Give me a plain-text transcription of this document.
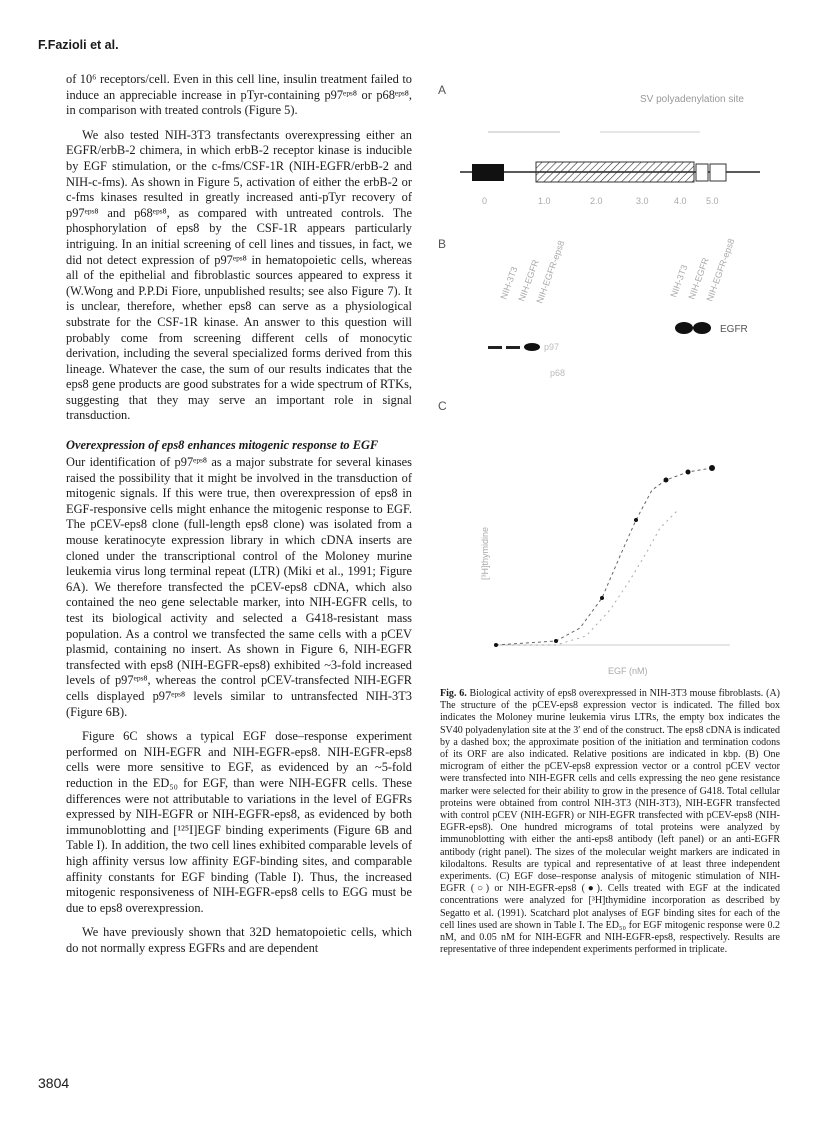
F.Fazioli et al.

of 10⁶ receptors/cell. Even in this cell line, insulin treatment failed to induce an appreciable increase in pTyr-containing p97ᵉᵖˢ⁸ or p68ᵉᵖˢ⁸, in comparison with treated controls (Figure 5).

We also tested NIH-3T3 transfectants overexpressing either an EGFR/erbB-2 chimera, in which erbB-2 receptor kinase is inducible by EGF stimulation, or the c-fms/CSF-1R (NIH-EGFR/erbB-2 and NIH-c-fms). As shown in Figure 5, activation of either the erbB-2 or c-fms kinases resulted in greatly increased anti-pTyr recovery of p97ᵉᵖˢ⁸ and p68ᵉᵖˢ⁸, as compared with untreated controls. The phosphorylation of eps8 by the CSF-1R appears particularly intriguing. In an initial screening of cell lines and tissues, in fact, we did not detect expression of p97ᵉᵖˢ⁸ in hematopoietic cells, whereas all of the epithelial and fibroblastic sources appeared to express it (W.Wong and P.P.Di Fiore, unpublished results; see also Figure 7). It is unclear, therefore, whether eps8 can serve as a physiological substrate for the CSF-1R kinase. An answer to this question will probably come from screening different cells of monocytic derivation, including the several specialized forms derived from this lineage. Whatever the case, the sum of our results indicates that the eps8 gene products are good substrates for a wide spectrum of RTKs, suggesting that they may serve an important role in signal transduction.

Overexpression of eps8 enhances mitogenic response to EGF

Our identification of p97ᵉᵖˢ⁸ as a major substrate for several kinases raised the possibility that it might be involved in the transduction of mitogenic signals. If this were true, then overexpression of eps8 in EGF-responsive cells might enhance the mitogenic response to EGF. The pCEV-eps8 clone (full-length eps8 clone) was isolated from a mouse keratinocyte expression library in which cDNA inserts are cloned under the transcriptional control of the Moloney murine leukemia virus long terminal repeat (LTR) (Miki et al., 1991; Figure 6A). We therefore transfected the pCEV-eps8 cDNA, which also contained the neo gene selectable marker, into NIH-EGFR cells, to test its biological activity and selected a G418-resistant mass population. As a control we transfected the same cells with a pCEV plasmid, containing no insert. As shown in Figure 6, NIH-EGFR transfected with eps8 (NIH-EGFR-eps8) exhibited ~3-fold increased levels of p97ᵉᵖˢ⁸, whereas the control pCEV-transfected NIH-EGFR cells displayed p97ᵉᵖˢ⁸ levels similar to untransfected NIH-3T3 (Figure 6B).

Figure 6C shows a typical EGF dose–response experiment performed on NIH-EGFR and NIH-EGFR-eps8. NIH-EGFR-eps8 cells were more sensitive to EGF, as evidenced by an ~5-fold reduction in the ED₅₀ for EGF, than were NIH-EGFR cells. These differences were not attributable to variations in the level of EGFRs expressed by NIH-EGFR or NIH-EGFR-eps8, as evidenced by both immunoblotting and [¹²⁵I]EGF binding experiments (Figure 6B and Table I). In addition, the two cell lines exhibited comparable levels of high affinity versus low affinity EGF-binding sites, and comparable affinity constants for EGF binding (Table I). Thus, the increased mitogenic responsiveness of NIH-EGFR-eps8 cells to EGG must be due to eps8 overexpression.

We have previously shown that 32D hematopoietic cells, which do not normally express EGFRs and are dependent

A
SV polyadenylation site
0	1.0	2.0	3.0	4.0 5.0
B
NIH-3T3
NIH-EGFR
NIH-EGFR-eps8	NIH-3T3
NIH-EGFR
NIH-EGFR-eps8
EGFR
p97
p68
C
[³H]thymidine
EGF (nM)
Fig. 6. Biological activity of eps8 overexpressed in NIH-3T3 mouse fibroblasts. (A) The structure of the pCEV-eps8 expression vector is indicated. The filled box indicates the Moloney murine leukemia virus LTRs, the empty box indicates the SV40 polyadenylation site at the 3′ end of the construct. The eps8 cDNA is indicated by a dashed box; the approximate position of the initiation and termination codons of its ORF are also indicated. Relative positions are indicated in kbp. (B) One microgram of either the pCEV-eps8 expression vector or a control pCEV vector were transfected into NIH-EGFR cells and cells expressing the neo gene resistance marker were selected for their ability to grow in the presence of G418. Total cellular proteins were obtained from control NIH-3T3 (NIH-3T3), NIH-EGFR transfected with control pCEV (NIH-EGFR) or NIH-EGFR transfected with pCEV-eps8 (NIH-EGFR-eps8). One hundred micrograms of total proteins were analyzed by immunoblotting with either the anti-eps8 antibody (left panel) or an anti-EGFR antibody (right panel). The sizes of the molecular weight markers are indicated in kilodaltons. Results are typical and representative of at least three independent experiments. (C) EGF dose–response analysis of mitogenic stimulation of NIH-EGFR (○) or NIH-EGFR-eps8 (●). Cells treated with EGF at the indicated concentrations were analyzed for [³H]thymidine incorporation as described by Segatto et al. (1991). Scatchard plot analyses of EGF binding sites for each of the cell lines used are shown in Table I. The ED₅₀ for EGF mitogenic response were 0.2 nM, and 0.05 nM for NIH-EGFR and NIH-EGFR-eps8, respectively. Results are representative of three independent experiments performed in triplicate.
3804
